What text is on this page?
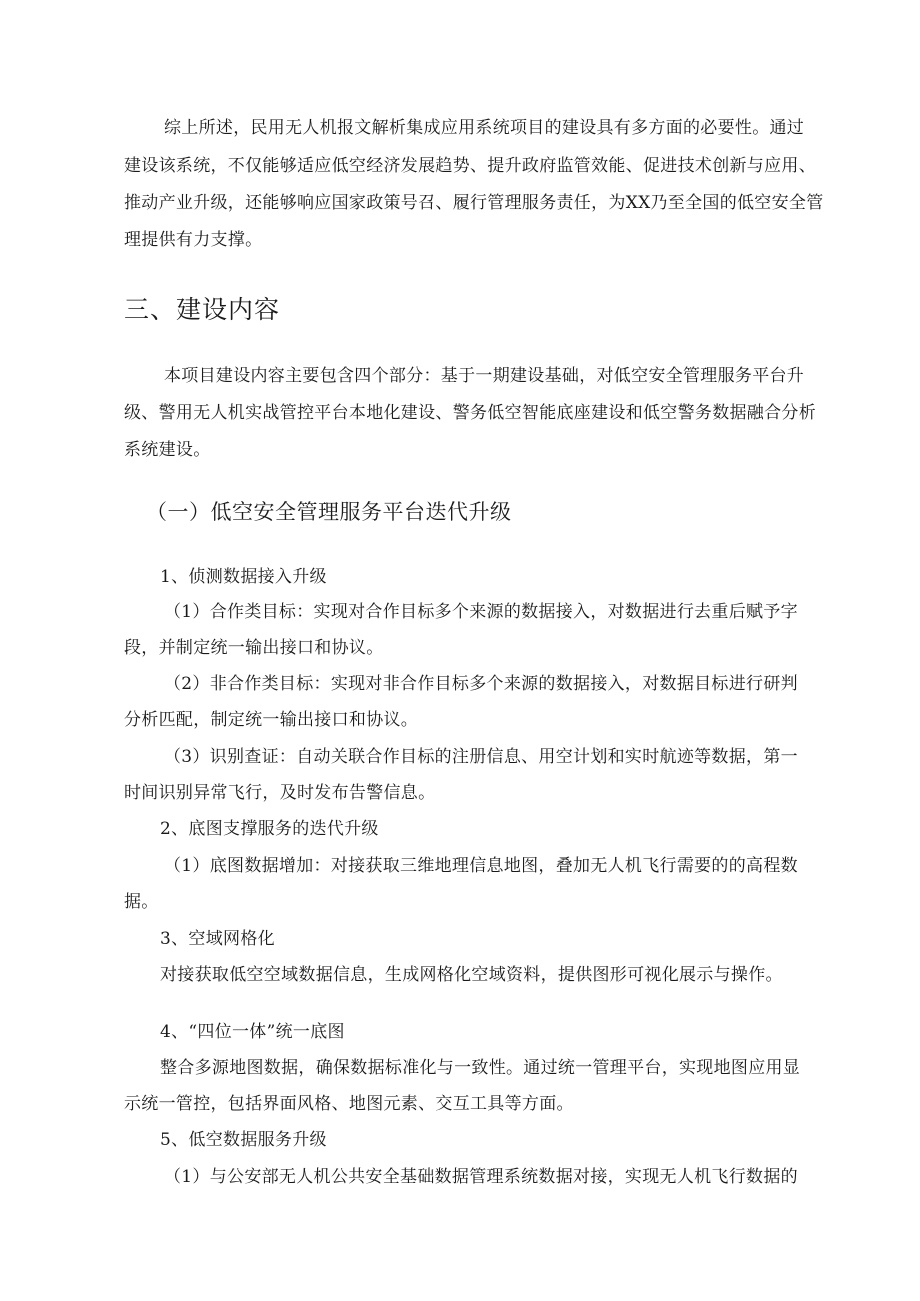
综上所述，民用无人机报文解析集成应用系统项目的建设具有多方面的必要性。通过
建设该系统，不仅能够适应低空经济发展趋势、提升政府监管效能、促进技术创新与应用、
推动产业升级，还能够响应国家政策号召、履行管理服务责任，为XX乃至全国的低空安全管
理提供有力支撑。
三、建设内容
本项目建设内容主要包含四个部分：基于一期建设基础，对低空安全管理服务平台升
级、警用无人机实战管控平台本地化建设、警务低空智能底座建设和低空警务数据融合分析
系统建设。
（一）低空安全管理服务平台迭代升级
1、侦测数据接入升级
（1）合作类目标：实现对合作目标多个来源的数据接入，对数据进行去重后赋予字
段，并制定统一输出接口和协议。
（2）非合作类目标：实现对非合作目标多个来源的数据接入，对数据目标进行研判
分析匹配，制定统一输出接口和协议。
（3）识别查证：自动关联合作目标的注册信息、用空计划和实时航迹等数据，第一
时间识别异常飞行，及时发布告警信息。
2、底图支撑服务的迭代升级
（1）底图数据增加：对接获取三维地理信息地图，叠加无人机飞行需要的的高程数
据。
3、空域网格化
对接获取低空空域数据信息，生成网格化空域资料，提供图形可视化展示与操作。
4、“四位一体”统一底图
整合多源地图数据，确保数据标准化与一致性。通过统一管理平台，实现地图应用显
示统一管控，包括界面风格、地图元素、交互工具等方面。
5、低空数据服务升级
（1）与公安部无人机公共安全基础数据管理系统数据对接，实现无人机飞行数据的
